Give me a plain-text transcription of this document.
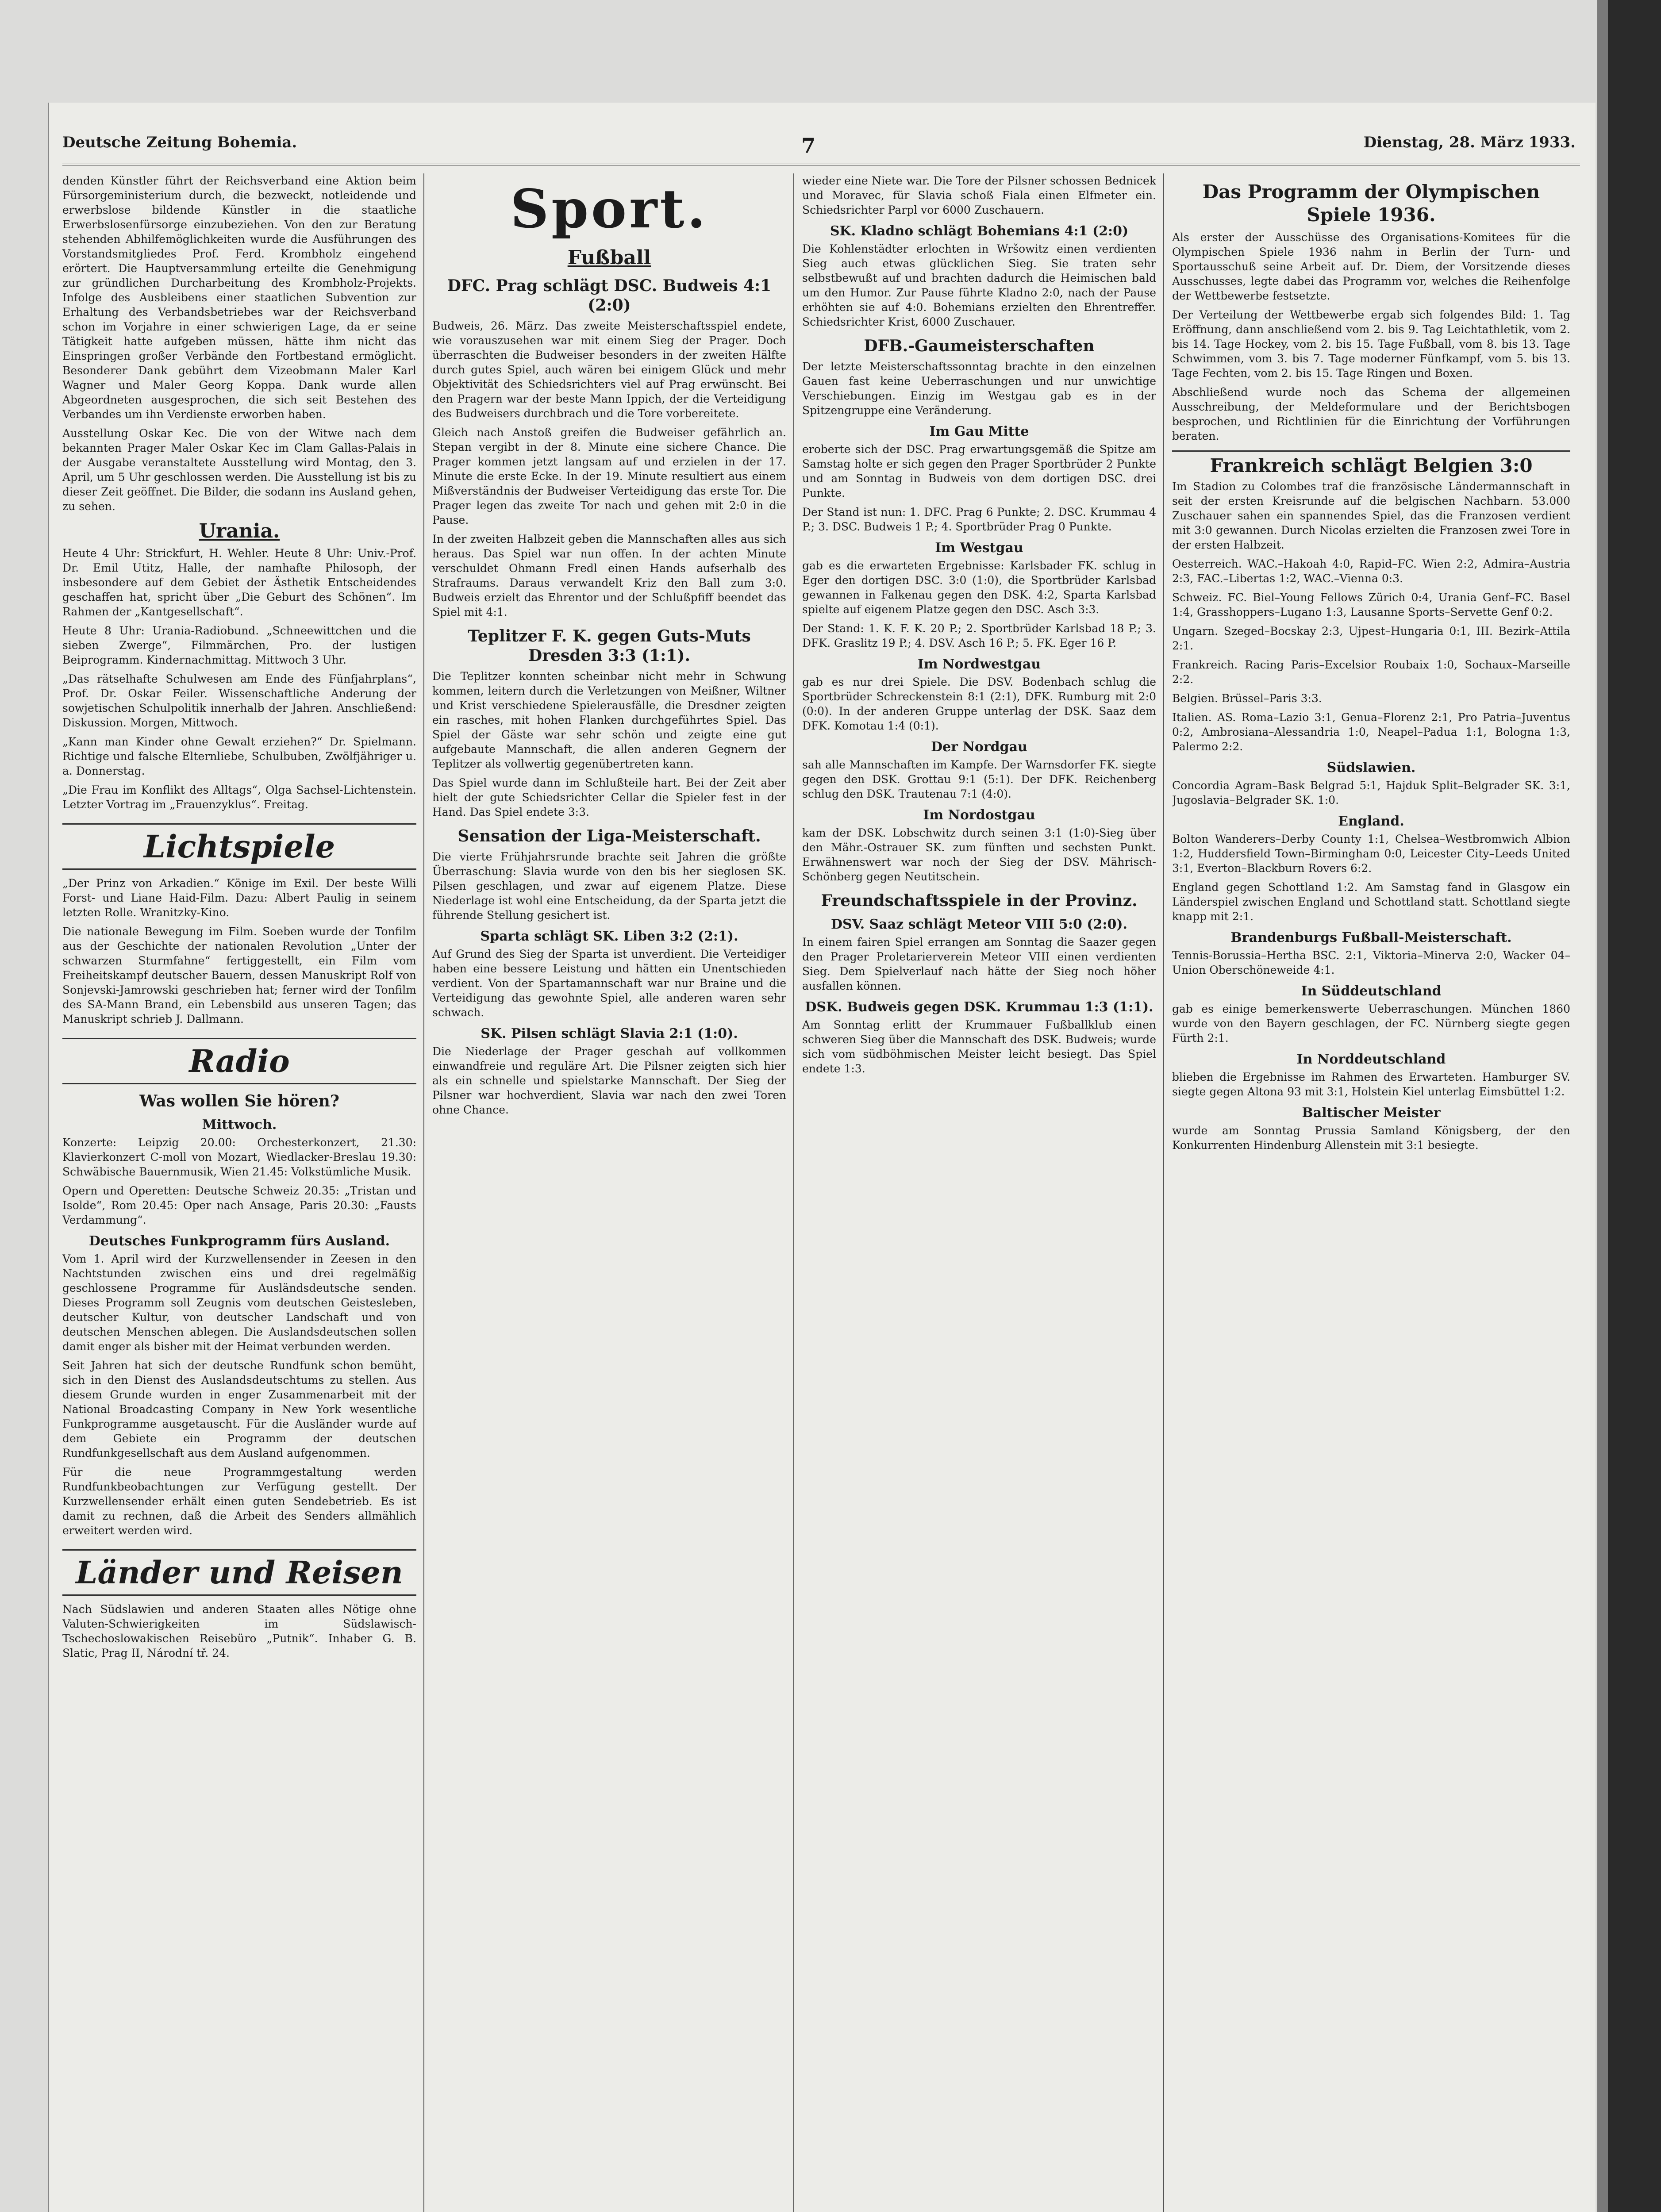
Deutsche Zeitung Bohemia.	7	Dienstag, 28. März 1933.

denden Künstler führt der Reichsverband eine Aktion beim Fürsorgeministerium durch, die bezweckt, notleidende und erwerbslose bildende Künstler in die staatliche Erwerbslosenfürsorge einzubeziehen. Von den zur Beratung stehenden Abhilfemöglichkeiten wurde die Ausführungen des Vorstandsmitgliedes Prof. Ferd. Krombholz eingehend erörtert. Die Hauptversammlung erteilte die Genehmigung zur gründlichen Durcharbeitung des Krombholz-Projekts. Infolge des Ausbleibens einer staatlichen Subvention zur Erhaltung des Verbandsbetriebes war der Reichsverband schon im Vorjahre in einer schwierigen Lage, da er seine Tätigkeit hatte aufgeben müssen, hätte ihm nicht das Einspringen großer Verbände den Fortbestand ermöglicht. Besonderer Dank gebührt dem Vizeobmann Maler Karl Wagner und Maler Georg Koppa. Dank wurde allen Abgeordneten ausgesprochen, die sich seit Bestehen des Verbandes um ihn Verdienste erworben haben.

Ausstellung Oskar Kec. Die von der Witwe nach dem bekannten Prager Maler Oskar Kec im Clam Gallas-Palais in der Ausgabe veranstaltete Ausstellung wird Montag, den 3. April, um 5 Uhr geschlossen werden. Die Ausstellung ist bis zu dieser Zeit geöffnet. Die Bilder, die sodann ins Ausland gehen, zu sehen.

Urania.

Heute 4 Uhr: Strickfurt, H. Wehler. Heute 8 Uhr: Univ.-Prof. Dr. Emil Utitz, Halle, der namhafte Philosoph, der insbesondere auf dem Gebiet der Ästhetik Entscheidendes geschaffen hat, spricht über „Die Geburt des Schönen“. Im Rahmen der „Kantgesellschaft“.

Heute 8 Uhr: Urania-Radiobund. „Schneewittchen und die sieben Zwerge“, Filmmärchen, Pro. der lustigen Beiprogramm. Kindernachmittag. Mittwoch 3 Uhr.

„Das rätselhafte Schulwesen am Ende des Fünfjahrplans“, Prof. Dr. Oskar Feiler. Wissenschaftliche Anderung der sowjetischen Schulpolitik innerhalb der Jahren. Anschließend: Diskussion. Morgen, Mittwoch.

„Kann man Kinder ohne Gewalt erziehen?“ Dr. Spielmann. Richtige und falsche Elternliebe, Schulbuben, Zwölfjähriger u. a. Donnerstag.

„Die Frau im Konflikt des Alltags“, Olga Sachsel-Lichtenstein. Letzter Vortrag im „Frauenzyklus“. Freitag.

Lichtspiele

„Der Prinz von Arkadien.“ Könige im Exil. Der beste Willi Forst- und Liane Haid-Film. Dazu: Albert Paulig in seinem letzten Rolle. Wranitzky-Kino.

Die nationale Bewegung im Film. Soeben wurde der Tonfilm aus der Geschichte der nationalen Revolution „Unter der schwarzen Sturmfahne“ fertiggestellt, ein Film vom Freiheitskampf deutscher Bauern, dessen Manuskript Rolf von Sonjevski-Jamrowski geschrieben hat; ferner wird der Tonfilm des SA-Mann Brand, ein Lebensbild aus unseren Tagen; das Manuskript schrieb J. Dallmann.

Radio
Was wollen Sie hören?
Mittwoch.

Konzerte: Leipzig 20.00: Orchesterkonzert, 21.30: Klavierkonzert C-moll von Mozart, Wiedlacker-Breslau 19.30: Schwäbische Bauernmusik, Wien 21.45: Volkstümliche Musik.

Opern und Operetten: Deutsche Schweiz 20.35: „Tristan und Isolde“, Rom 20.45: Oper nach Ansage, Paris 20.30: „Fausts Verdammung“.

Deutsches Funkprogramm fürs Ausland.

Vom 1. April wird der Kurzwellensender in Zeesen in den Nachtstunden zwischen eins und drei regelmäßig geschlossene Programme für Ausländsdeutsche senden. Dieses Programm soll Zeugnis vom deutschen Geistesleben, deutscher Kultur, von deutscher Landschaft und von deutschen Menschen ablegen. Die Auslandsdeutschen sollen damit enger als bisher mit der Heimat verbunden werden.

Seit Jahren hat sich der deutsche Rundfunk schon bemüht, sich in den Dienst des Auslandsdeutschtums zu stellen. Aus diesem Grunde wurden in enger Zusammenarbeit mit der National Broadcasting Company in New York wesentliche Funkprogramme ausgetauscht. Für die Ausländer wurde auf dem Gebiete ein Programm der deutschen Rundfunkgesellschaft aus dem Ausland aufgenommen.

Für die neue Programmgestaltung werden Rundfunkbeobachtungen zur Verfügung gestellt. Der Kurzwellensender erhält einen guten Sendebetrieb. Es ist damit zu rechnen, daß die Arbeit des Senders allmählich erweitert werden wird.

Länder und Reisen

Nach Südslawien und anderen Staaten alles Nötige ohne Valuten-Schwierigkeiten im Südslawisch-Tschechoslowakischen Reisebüro „Putnik“. Inhaber G. B. Slatic, Prag II, Národní tř. 24.

Sport.
Fußball
DFC. Prag schlägt DSC. Budweis 4:1 (2:0)

Budweis, 26. März. Das zweite Meisterschaftsspiel endete, wie vorauszusehen war mit einem Sieg der Prager. Doch überraschten die Budweiser besonders in der zweiten Hälfte durch gutes Spiel, auch wären bei einigem Glück und mehr Objektivität des Schiedsrichters viel auf Prag erwünscht. Bei den Pragern war der beste Mann Ippich, der die Verteidigung des Budweisers durchbrach und die Tore vorbereitete.

Gleich nach Anstoß greifen die Budweiser gefährlich an. Stepan vergibt in der 8. Minute eine sichere Chance. Die Prager kommen jetzt langsam auf und erzielen in der 17. Minute die erste Ecke. In der 19. Minute resultiert aus einem Mißverständnis der Budweiser Verteidigung das erste Tor. Die Prager legen das zweite Tor nach und gehen mit 2:0 in die Pause.

In der zweiten Halbzeit geben die Mannschaften alles aus sich heraus. Das Spiel war nun offen. In der achten Minute verschuldet Ohmann Fredl einen Hands aufserhalb des Strafraums. Daraus verwandelt Kriz den Ball zum 3:0. Budweis erzielt das Ehrentor und der Schlußpfiff beendet das Spiel mit 4:1.

Teplitzer F. K. gegen Guts-Muts Dresden 3:3 (1:1).

Die Teplitzer konnten scheinbar nicht mehr in Schwung kommen, leitern durch die Verletzungen von Meißner, Wiltner und Krist verschiedene Spielerausfälle, die Dresdner zeigten ein rasches, mit hohen Flanken durchgeführtes Spiel. Das Spiel der Gäste war sehr schön und zeigte eine gut aufgebaute Mannschaft, die allen anderen Gegnern der Teplitzer als vollwertig gegenübertreten kann.

Das Spiel wurde dann im Schlußteile hart. Bei der Zeit aber hielt der gute Schiedsrichter Cellar die Spieler fest in der Hand. Das Spiel endete 3:3.

Sensation der Liga-Meisterschaft.

Die vierte Frühjahrsrunde brachte seit Jahren die größte Überraschung: Slavia wurde von den bis her sieglosen SK. Pilsen geschlagen, und zwar auf eigenem Platze. Diese Niederlage ist wohl eine Entscheidung, da der Sparta jetzt die führende Stellung gesichert ist.

Sparta schlägt SK. Liben 3:2 (2:1).

Auf Grund des Sieg der Sparta ist unverdient. Die Verteidiger haben eine bessere Leistung und hätten ein Unentschieden verdient. Von der Spartamannschaft war nur Braine und die Verteidigung das gewohnte Spiel, alle anderen waren sehr schwach.

SK. Pilsen schlägt Slavia 2:1 (1:0).

Die Niederlage der Prager geschah auf vollkommen einwandfreie und reguläre Art. Die Pilsner zeigten sich hier als ein schnelle und spielstarke Mannschaft. Der Sieg der Pilsner war hochverdient, Slavia war nach den zwei Toren ohne Chance.

wieder eine Niete war. Die Tore der Pilsner schossen Bednicek und Moravec, für Slavia schoß Fiala einen Elfmeter ein. Schiedsrichter Parpl vor 6000 Zuschauern.

SK. Kladno schlägt Bohemians 4:1 (2:0)

Die Kohlenstädter erlochten in Wršowitz einen verdienten Sieg auch etwas glücklichen Sieg. Sie traten sehr selbstbewußt auf und brachten dadurch die Heimischen bald um den Humor. Zur Pause führte Kladno 2:0, nach der Pause erhöhten sie auf 4:0. Bohemians erzielten den Ehrentreffer. Schiedsrichter Krist, 6000 Zuschauer.

DFB.-Gaumeisterschaften

Der letzte Meisterschaftssonntag brachte in den einzelnen Gauen fast keine Ueberraschungen und nur unwichtige Verschiebungen. Einzig im Westgau gab es in der Spitzengruppe eine Veränderung.

Im Gau Mitte

eroberte sich der DSC. Prag erwartungsgemäß die Spitze am Samstag holte er sich gegen den Prager Sportbrüder 2 Punkte und am Sonntag in Budweis von dem dortigen DSC. drei Punkte.

Der Stand ist nun: 1. DFC. Prag 6 Punkte; 2. DSC. Krummau 4 P.; 3. DSC. Budweis 1 P.; 4. Sportbrüder Prag 0 Punkte.

Im Westgau

gab es die erwarteten Ergebnisse: Karlsbader FK. schlug in Eger den dortigen DSC. 3:0 (1:0), die Sportbrüder Karlsbad gewannen in Falkenau gegen den DSK. 4:2, Sparta Karlsbad spielte auf eigenem Platze gegen den DSC. Asch 3:3.

Der Stand: 1. K. F. K. 20 P.; 2. Sportbrüder Karlsbad 18 P.; 3. DFK. Graslitz 19 P.; 4. DSV. Asch 16 P.; 5. FK. Eger 16 P.

Im Nordwestgau

gab es nur drei Spiele. Die DSV. Bodenbach schlug die Sportbrüder Schreckenstein 8:1 (2:1), DFK. Rumburg mit 2:0 (0:0). In der anderen Gruppe unterlag der DSK. Saaz dem DFK. Komotau 1:4 (0:1).

Der Nordgau

sah alle Mannschaften im Kampfe. Der Warnsdorfer FK. siegte gegen den DSK. Grottau 9:1 (5:1). Der DFK. Reichenberg schlug den DSK. Trautenau 7:1 (4:0).

Im Nordostgau

kam der DSK. Lobschwitz durch seinen 3:1 (1:0)-Sieg über den Mähr.-Ostrauer SK. zum fünften und sechsten Punkt. Erwähnenswert war noch der Sieg der DSV. Mährisch-Schönberg gegen Neutitschein.

Freundschaftsspiele in der Provinz.
DSV. Saaz schlägt Meteor VIII 5:0 (2:0).

In einem fairen Spiel errangen am Sonntag die Saazer gegen den Prager Proletarierverein Meteor VIII einen verdienten Sieg. Dem Spielverlauf nach hätte der Sieg noch höher ausfallen können.

DSK. Budweis gegen DSK. Krummau 1:3 (1:1).

Am Sonntag erlitt der Krummauer Fußballklub einen schweren Sieg über die Mannschaft des DSK. Budweis; wurde sich vom südböhmischen Meister leicht besiegt. Das Spiel endete 1:3.

Das Programm der Olympischen Spiele 1936.

Als erster der Ausschüsse des Organisations-Komitees für die Olympischen Spiele 1936 nahm in Berlin der Turn- und Sportausschuß seine Arbeit auf. Dr. Diem, der Vorsitzende dieses Ausschusses, legte dabei das Programm vor, welches die Reihenfolge der Wettbewerbe festsetzte.

Der Verteilung der Wettbewerbe ergab sich folgendes Bild: 1. Tag Eröffnung, dann anschließend vom 2. bis 9. Tag Leichtathletik, vom 2. bis 14. Tage Hockey, vom 2. bis 15. Tage Fußball, vom 8. bis 13. Tage Schwimmen, vom 3. bis 7. Tage moderner Fünfkampf, vom 5. bis 13. Tage Fechten, vom 2. bis 15. Tage Ringen und Boxen.

Abschließend wurde noch das Schema der allgemeinen Ausschreibung, der Meldeformulare und der Berichtsbogen besprochen, und Richtlinien für die Einrichtung der Vorführungen beraten.

Frankreich schlägt Belgien 3:0

Im Stadion zu Colombes traf die französische Ländermannschaft in seit der ersten Kreisrunde auf die belgischen Nachbarn. 53.000 Zuschauer sahen ein spannendes Spiel, das die Franzosen verdient mit 3:0 gewannen. Durch Nicolas erzielten die Franzosen zwei Tore in der ersten Halbzeit.

Oesterreich. WAC.–Hakoah 4:0, Rapid–FC. Wien 2:2, Admira–Austria 2:3, FAC.–Libertas 1:2, WAC.–Vienna 0:3.

Schweiz. FC. Biel–Young Fellows Zürich 0:4, Urania Genf–FC. Basel 1:4, Grasshoppers–Lugano 1:3, Lausanne Sports–Servette Genf 0:2.

Ungarn. Szeged–Bocskay 2:3, Ujpest–Hungaria 0:1, III. Bezirk–Attila 2:1.

Frankreich. Racing Paris–Excelsior Roubaix 1:0, Sochaux–Marseille 2:2.

Belgien. Brüssel–Paris 3:3.

Italien. AS. Roma–Lazio 3:1, Genua–Florenz 2:1, Pro Patria–Juventus 0:2, Ambrosiana–Alessandria 1:0, Neapel–Padua 1:1, Bologna 1:3, Palermo 2:2.

Südslawien.

Concordia Agram–Bask Belgrad 5:1, Hajduk Split–Belgrader SK. 3:1, Jugoslavia–Belgrader SK. 1:0.

England.

Bolton Wanderers–Derby County 1:1, Chelsea–Westbromwich Albion 1:2, Huddersfield Town–Birmingham 0:0, Leicester City–Leeds United 3:1, Everton–Blackburn Rovers 6:2.

England gegen Schottland 1:2. Am Samstag fand in Glasgow ein Länderspiel zwischen England und Schottland statt. Schottland siegte knapp mit 2:1.

Brandenburgs Fußball-Meisterschaft.

Tennis-Borussia–Hertha BSC. 2:1, Viktoria–Minerva 2:0, Wacker 04–Union Oberschöneweide 4:1.

In Süddeutschland

gab es einige bemerkenswerte Ueberraschungen. München 1860 wurde von den Bayern geschlagen, der FC. Nürnberg siegte gegen Fürth 2:1.

In Norddeutschland

blieben die Ergebnisse im Rahmen des Erwarteten. Hamburger SV. siegte gegen Altona 93 mit 3:1, Holstein Kiel unterlag Eimsbüttel 1:2.

Baltischer Meister

wurde am Sonntag Prussia Samland Königsberg, der den Konkurrenten Hindenburg Allenstein mit 3:1 besiegte.
